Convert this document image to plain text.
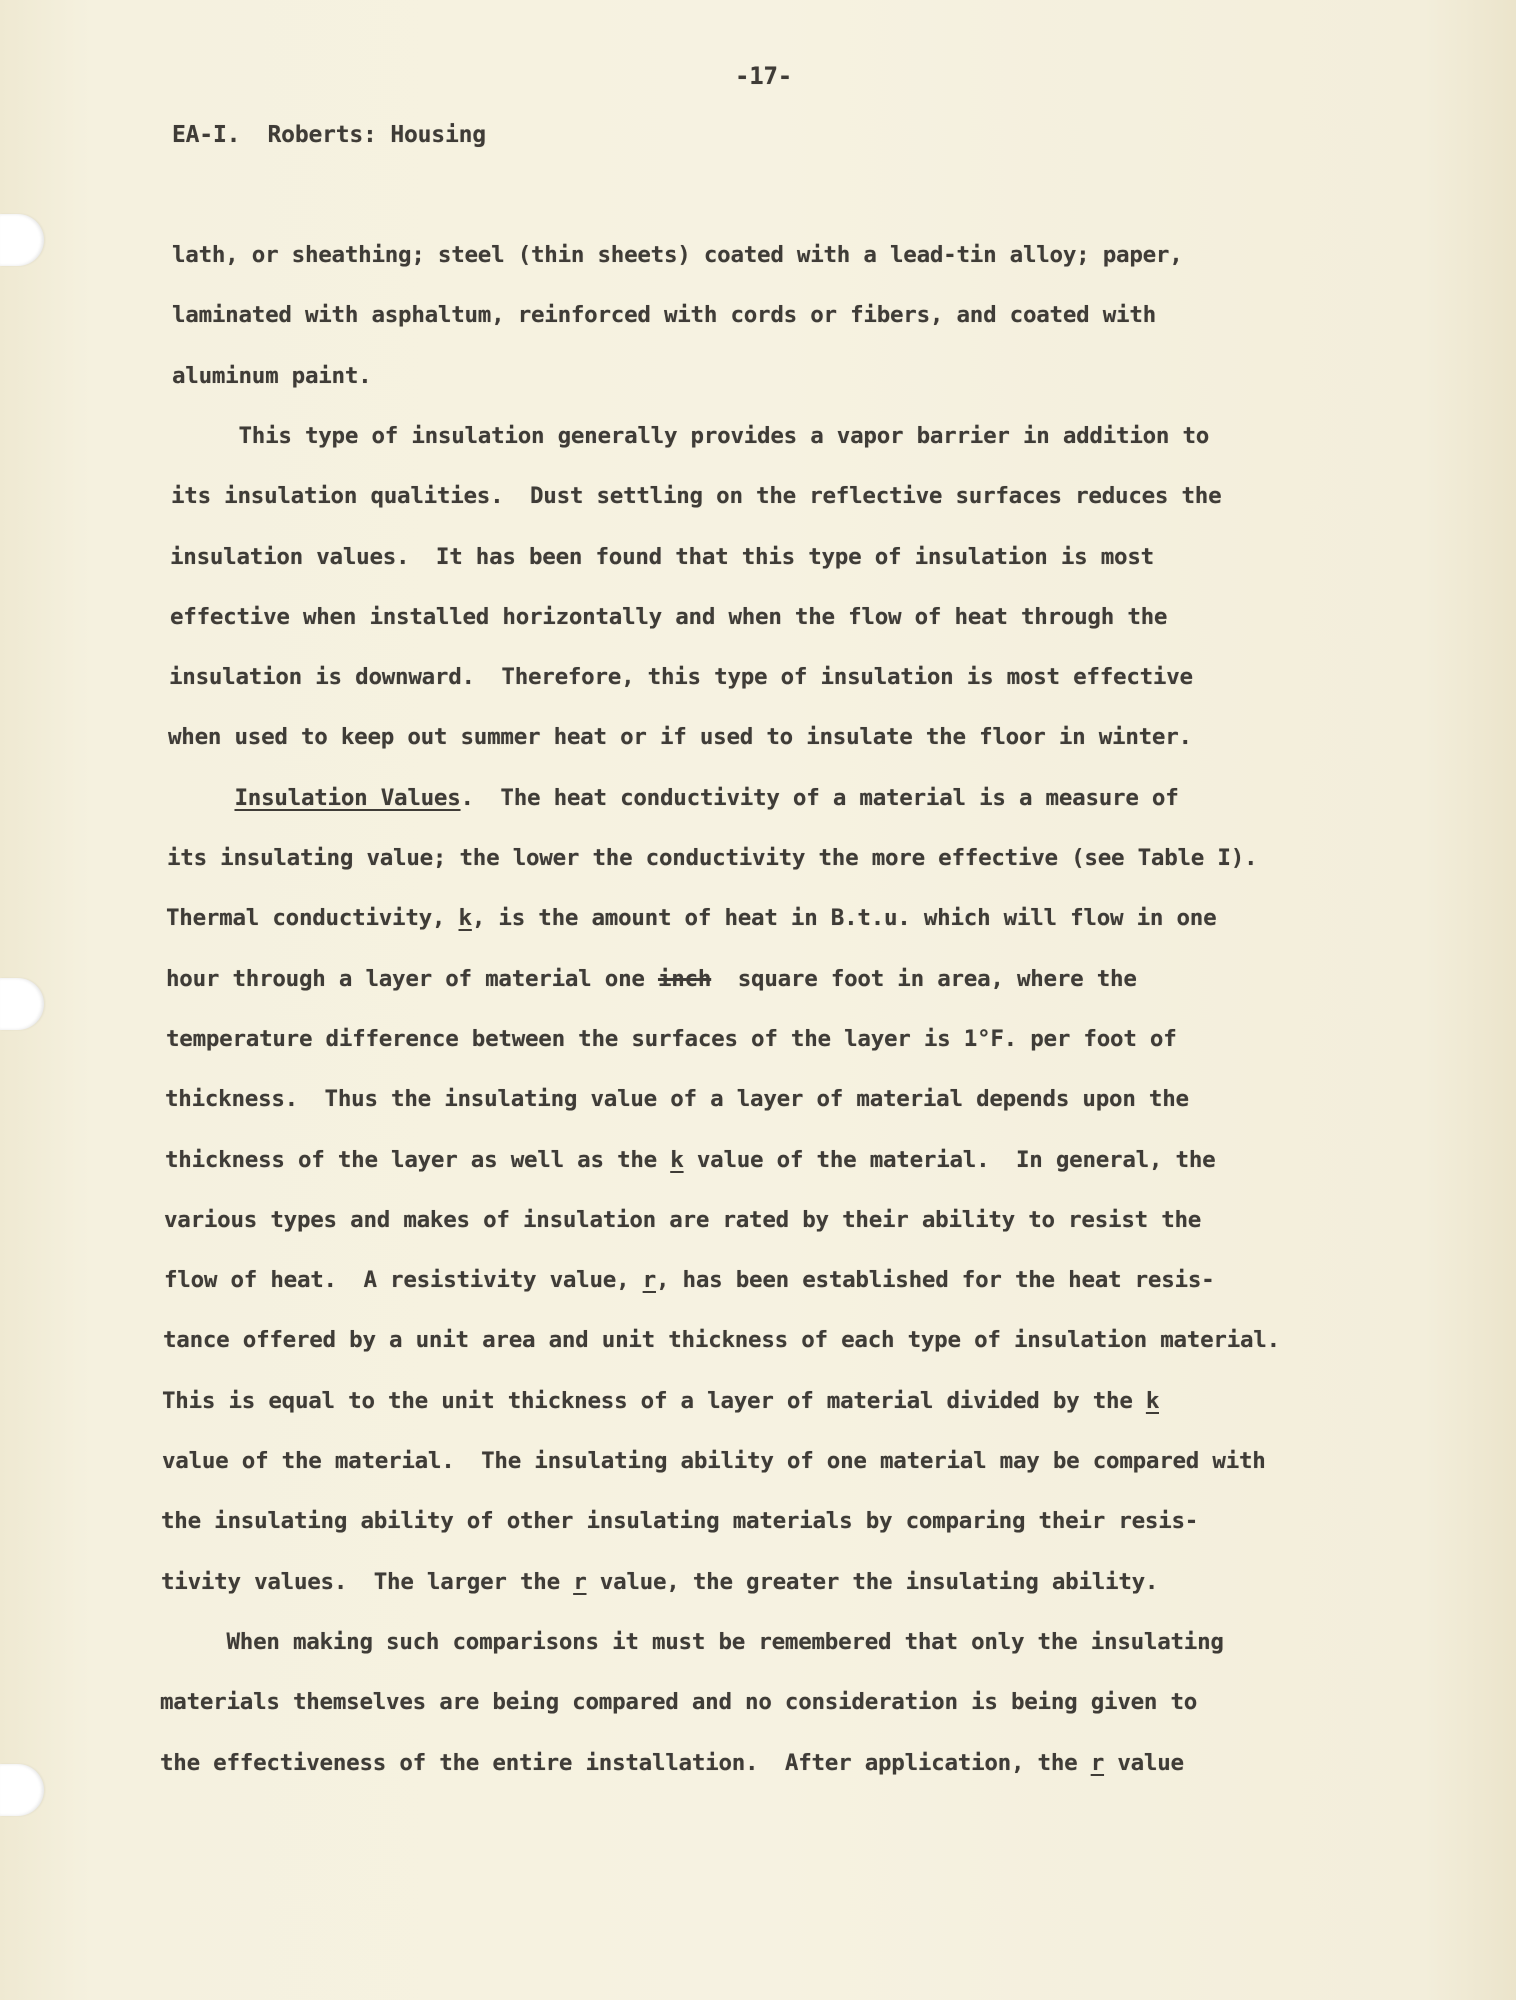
-17-
EA-I.  Roberts: Housing
lath, or sheathing; steel (thin sheets) coated with a lead-tin alloy; paper,
laminated with asphaltum, reinforced with cords or fibers, and coated with
aluminum paint.
This type of insulation generally provides a vapor barrier in addition to
its insulation qualities.  Dust settling on the reflective surfaces reduces the
insulation values.  It has been found that this type of insulation is most
effective when installed horizontally and when the flow of heat through the
insulation is downward.  Therefore, this type of insulation is most effective
when used to keep out summer heat or if used to insulate the floor in winter.
Insulation Values.  The heat conductivity of a material is a measure of
its insulating value; the lower the conductivity the more effective (see Table I).
Thermal conductivity, k, is the amount of heat in B.t.u. which will flow in one
hour through a layer of material one inch  square foot in area, where the
temperature difference between the surfaces of the layer is 1°F. per foot of
thickness.  Thus the insulating value of a layer of material depends upon the
thickness of the layer as well as the k value of the material.  In general, the
various types and makes of insulation are rated by their ability to resist the
flow of heat.  A resistivity value, r, has been established for the heat resis-
tance offered by a unit area and unit thickness of each type of insulation material.
This is equal to the unit thickness of a layer of material divided by the k
value of the material.  The insulating ability of one material may be compared with
the insulating ability of other insulating materials by comparing their resis-
tivity values.  The larger the r value, the greater the insulating ability.
When making such comparisons it must be remembered that only the insulating
materials themselves are being compared and no consideration is being given to
the effectiveness of the entire installation.  After application, the r value
